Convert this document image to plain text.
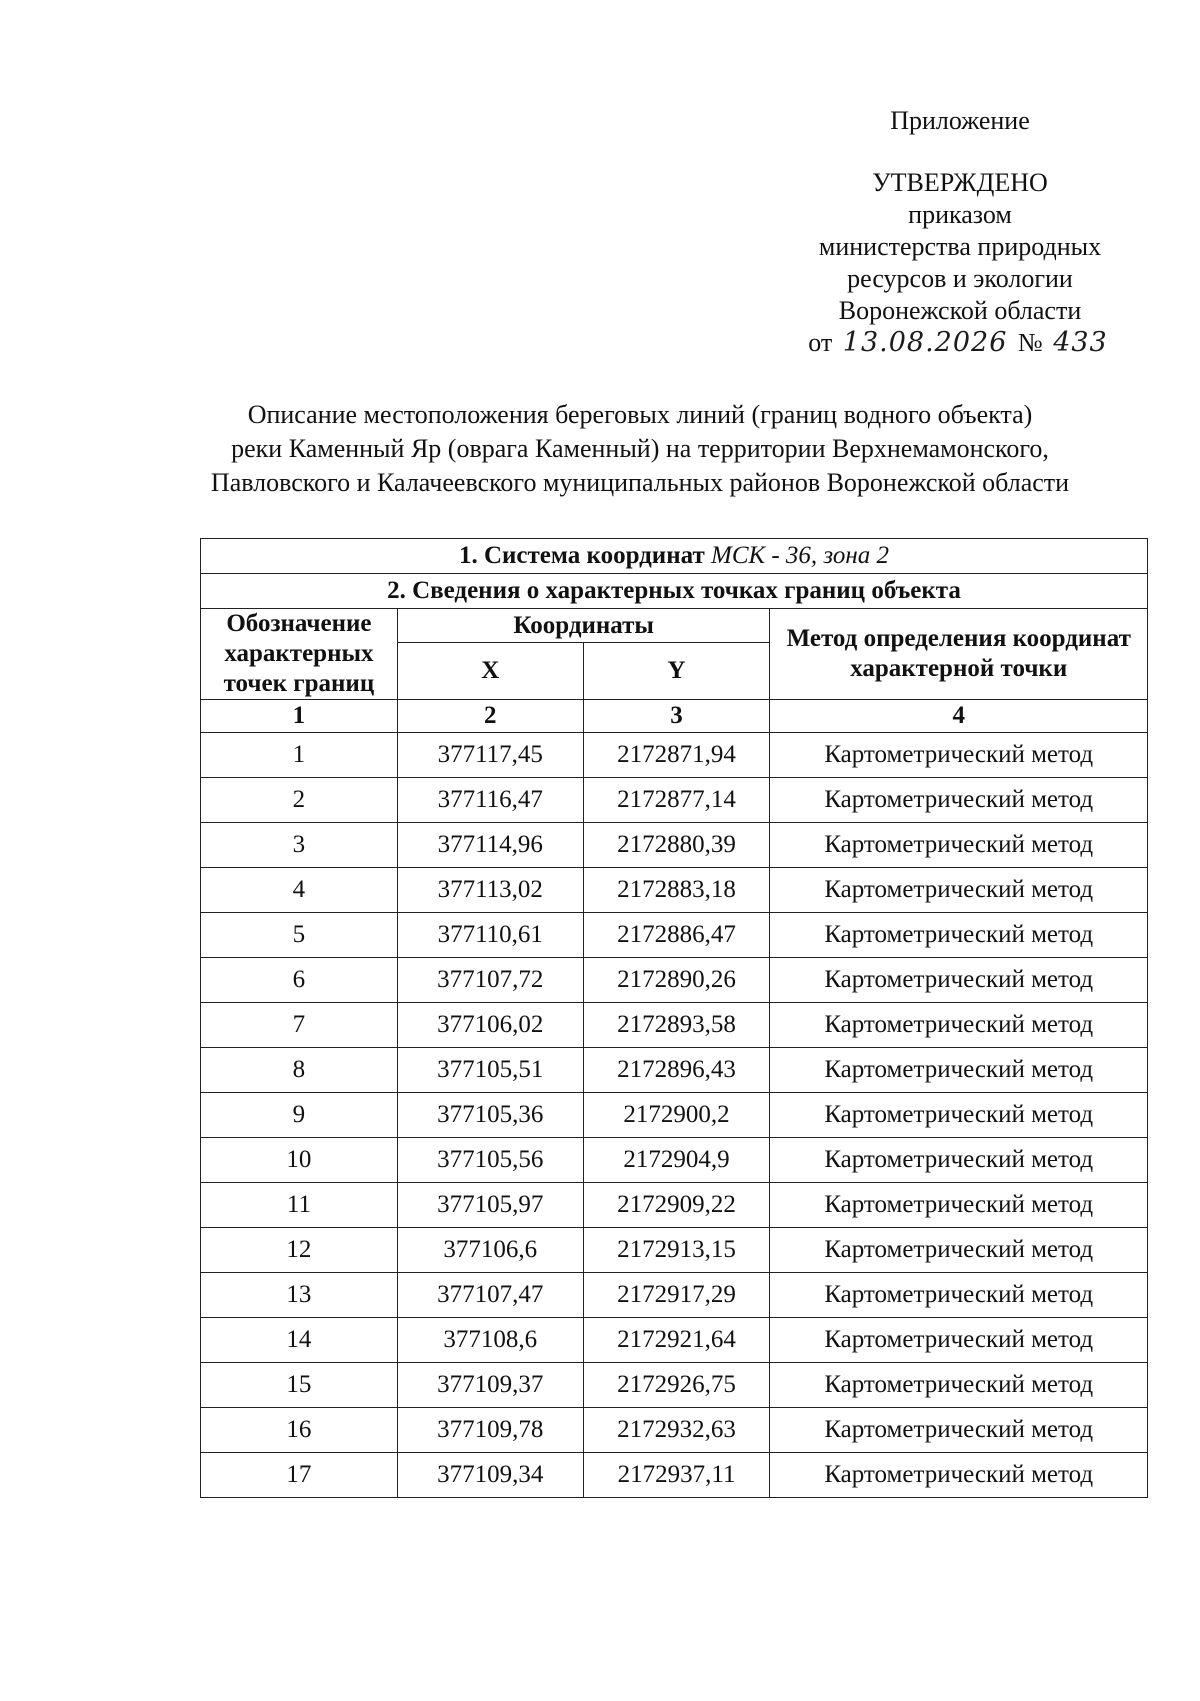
Приложение
УТВЕРЖДЕНО
приказом
министерства природных
ресурсов и экологии
Воронежской области
от 13.08.2026 № 433
Описание местоположения береговых линий (границ водного объекта)
реки Каменный Яр (оврага Каменный) на территории Верхнемамонского,
Павловского и Калачеевского муниципальных районов Воронежской области
1. Система координат МСК - 36, зона 2			
2. Сведения о характерных точках границ объекта			
Обозначение характерных точек границ	Координаты		Метод определения координат характерной точки
	X	Y	
1	2	3	4
1	377117,45	2172871,94	Картометрический метод
2	377116,47	2172877,14	Картометрический метод
3	377114,96	2172880,39	Картометрический метод
4	377113,02	2172883,18	Картометрический метод
5	377110,61	2172886,47	Картометрический метод
6	377107,72	2172890,26	Картометрический метод
7	377106,02	2172893,58	Картометрический метод
8	377105,51	2172896,43	Картометрический метод
9	377105,36	2172900,2	Картометрический метод
10	377105,56	2172904,9	Картометрический метод
11	377105,97	2172909,22	Картометрический метод
12	377106,6	2172913,15	Картометрический метод
13	377107,47	2172917,29	Картометрический метод
14	377108,6	2172921,64	Картометрический метод
15	377109,37	2172926,75	Картометрический метод
16	377109,78	2172932,63	Картометрический метод
17	377109,34	2172937,11	Картометрический метод
